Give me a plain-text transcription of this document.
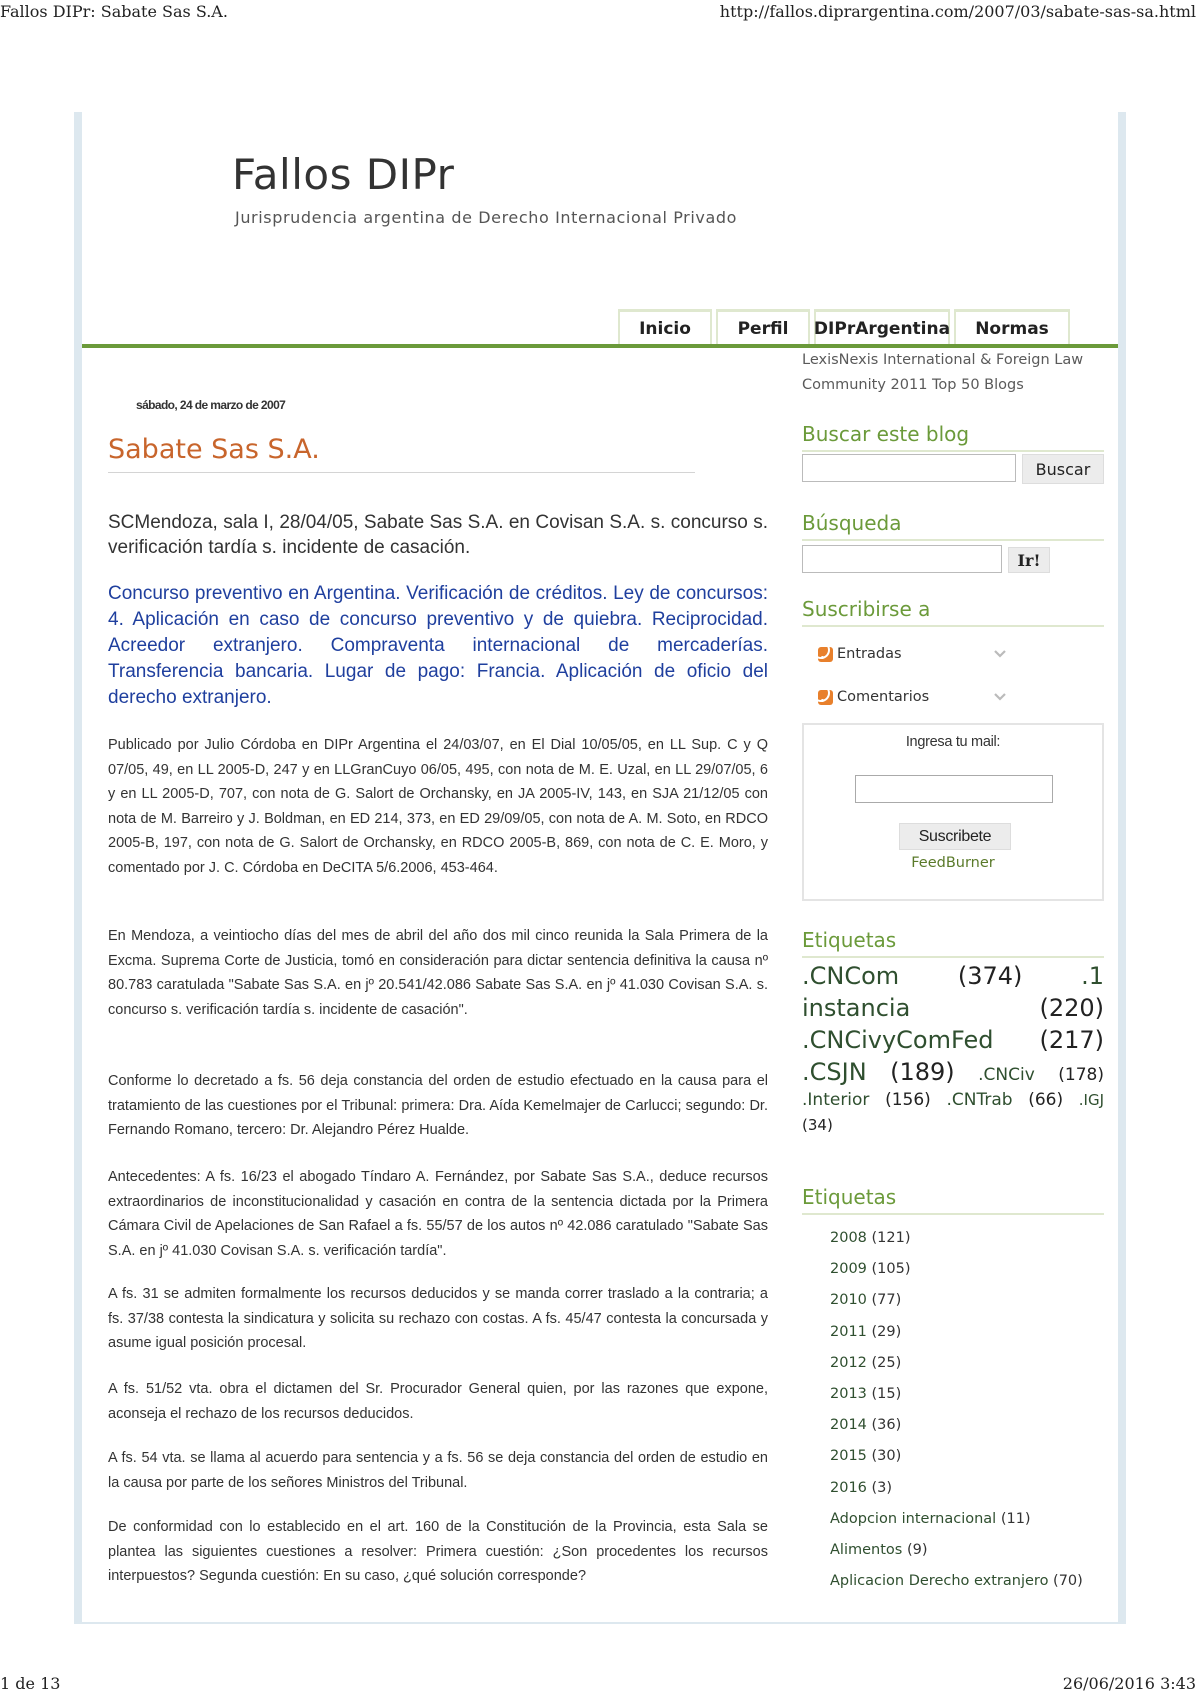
Fallos DIPr: Sabate Sas S.A.	http://fallos.diprargentina.com/2007/03/sabate-sas-sa.html
1 de 13	26/06/2016 3:43
Fallos DIPr
Jurisprudencia argentina de Derecho Internacional Privado
Inicio	Perfil	DIPrArgentina	Normas
sábado, 24 de marzo de 2007
Sabate Sas S.A.
SCMendoza, sala I, 28/04/05, Sabate Sas S.A. en Covisan S.A. s. concurso s. verificación tardía s. incidente de casación.
Concurso preventivo en Argentina. Verificación de créditos. Ley de concursos: 4. Aplicación en caso de concurso preventivo y de quiebra. Reciprocidad. Acreedor extranjero. Compraventa internacional de mercaderías. Transferencia bancaria. Lugar de pago: Francia. Aplicación de oficio del derecho extranjero.
Publicado por Julio Córdoba en DIPr Argentina el 24/03/07, en El Dial 10/05/05, en LL Sup. C y Q 07/05, 49, en LL 2005-D, 247 y en LLGranCuyo 06/05, 495, con nota de M. E. Uzal, en LL 29/07/05, 6 y en LL 2005-D, 707, con nota de G. Salort de Orchansky, en JA 2005-IV, 143, en SJA 21/12/05 con nota de M. Barreiro y J. Boldman, en ED 214, 373, en ED 29/09/05, con nota de A. M. Soto, en RDCO 2005-B, 197, con nota de G. Salort de Orchansky, en RDCO 2005-B, 869, con nota de C. E. Moro, y comentado por J. C. Córdoba en DeCITA 5/6.2006, 453-464.
En Mendoza, a veintiocho días del mes de abril del año dos mil cinco reunida la Sala Primera de la Excma. Suprema Corte de Justicia, tomó en consideración para dictar sentencia definitiva la causa nº 80.783 caratulada "Sabate Sas S.A. en jº 20.541/42.086 Sabate Sas S.A. en jº 41.030 Covisan S.A. s. concurso s. verificación tardía s. incidente de casación".
Conforme lo decretado a fs. 56 deja constancia del orden de estudio efectuado en la causa para el tratamiento de las cuestiones por el Tribunal: primera: Dra. Aída Kemelmajer de Carlucci; segundo: Dr. Fernando Romano, tercero: Dr. Alejandro Pérez Hualde.
Antecedentes: A fs. 16/23 el abogado Tíndaro A. Fernández, por Sabate Sas S.A., deduce recursos extraordinarios de inconstitucionalidad y casación en contra de la sentencia dictada por la Primera Cámara Civil de Apelaciones de San Rafael a fs. 55/57 de los autos nº 42.086 caratulado "Sabate Sas S.A. en jº 41.030 Covisan S.A. s. verificación tardía".
A fs. 31 se admiten formalmente los recursos deducidos y se manda correr traslado a la contraria; a fs. 37/38 contesta la sindicatura y solicita su rechazo con costas. A fs. 45/47 contesta la concursada y asume igual posición procesal.
A fs. 51/52 vta. obra el dictamen del Sr. Procurador General quien, por las razones que expone, aconseja el rechazo de los recursos deducidos.
A fs. 54 vta. se llama al acuerdo para sentencia y a fs. 56 se deja constancia del orden de estudio en la causa por parte de los señores Ministros del Tribunal.
De conformidad con lo establecido en el art. 160 de la Constitución de la Provincia, esta Sala se plantea las siguientes cuestiones a resolver: Primera cuestión: ¿Son procedentes los recursos interpuestos? Segunda cuestión: En su caso, ¿qué solución corresponde?
LexisNexis International & Foreign Law Community 2011 Top 50 Blogs
Buscar este blog
Buscar
Búsqueda
Ir!
Suscribirse a
Entradas
Comentarios
Ingresa tu mail:
Suscribete
FeedBurner
Etiquetas
.CNCom (374) .1
instancia	(220)
.CNCivyComFed (217)
.CSJN (189) .CNCiv (178)
.Interior (156) .CNTrab (66) .IGJ
(34)
Etiquetas
2008 (121)
2009 (105)
2010 (77)
2011 (29)
2012 (25)
2013 (15)
2014 (36)
2015 (30)
2016 (3)
Adopcion internacional (11)
Alimentos (9)
Aplicacion Derecho extranjero (70)
